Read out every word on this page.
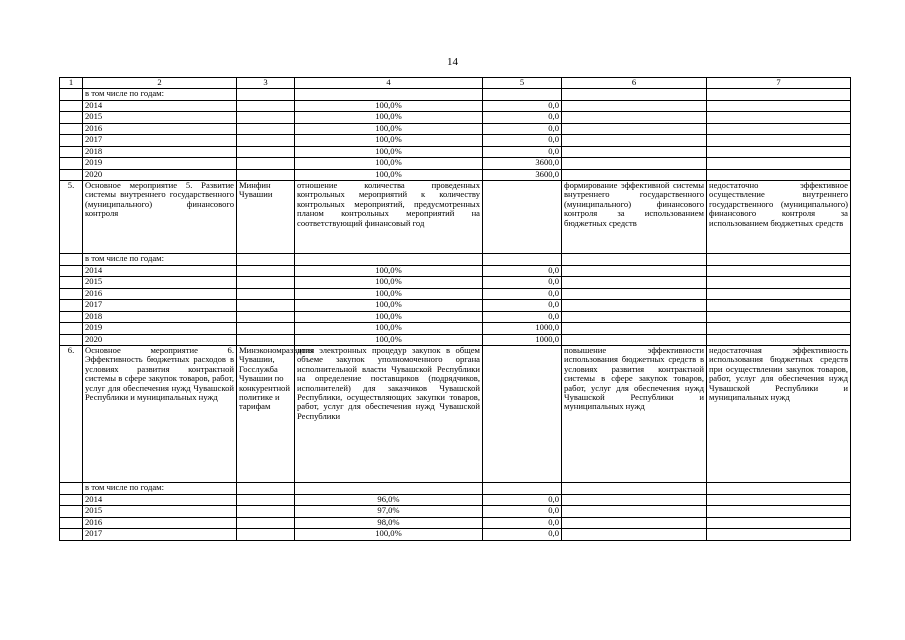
14
1	2	3	4	5	6	7
	в том числе по годам:					
	2014		100,0%	0,0		
	2015		100,0%	0,0		
	2016		100,0%	0,0		
	2017		100,0%	0,0		
	2018		100,0%	0,0		
	2019		100,0%	3600,0		
	2020		100,0%	3600,0		
5.	Основное мероприятие 5. Развитие системы внутреннего государственного (муниципального) финансового контроля	Минфин Чувашии	отношение количества проведенных контрольных мероприятий к количеству контрольных мероприятий, предусмотренных планом контрольных мероприятий на соответствующий финансовый год		формирование эффективной системы внутреннего государственного (муниципального) финансового контроля за использованием бюджетных средств	недостаточно эффективное осуществление внутреннего государственного (муниципального) финансового контроля за использованием бюджетных средств
	в том числе по годам:					
	2014		100,0%	0,0		
	2015		100,0%	0,0		
	2016		100,0%	0,0		
	2017		100,0%	0,0		
	2018		100,0%	0,0		
	2019		100,0%	1000,0		
	2020		100,0%	1000,0		
6.	Основное мероприятие 6. Эффективность бюджетных расходов в условиях развития контрактной системы в сфере закупок товаров, работ, услуг для обеспечения нужд Чувашской Республики и муниципальных нужд	Минэкономразвития Чувашии, Госслужба Чувашии по конкурентной политике и тарифам	доля электронных процедур закупок в общем объеме закупок уполномоченного органа исполнительной власти Чувашской Республики на определение поставщиков (подрядчиков, исполнителей) для заказчиков Чувашской Республики, осуществляющих закупки товаров, работ, услуг для обеспечения нужд Чувашской Республики		повышение эффективности использования бюджетных средств в условиях развития контрактной системы в сфере закупок товаров, работ, услуг для обеспечения нужд Чувашской Республики и муниципальных нужд	недостаточная эффективность использования бюджетных средств при осуществлении закупок товаров, работ, услуг для обеспечения нужд Чувашской Республики и муниципальных нужд
	в том числе по годам:					
	2014		96,0%	0,0		
	2015		97,0%	0,0		
	2016		98,0%	0,0		
	2017		100,0%	0,0		
